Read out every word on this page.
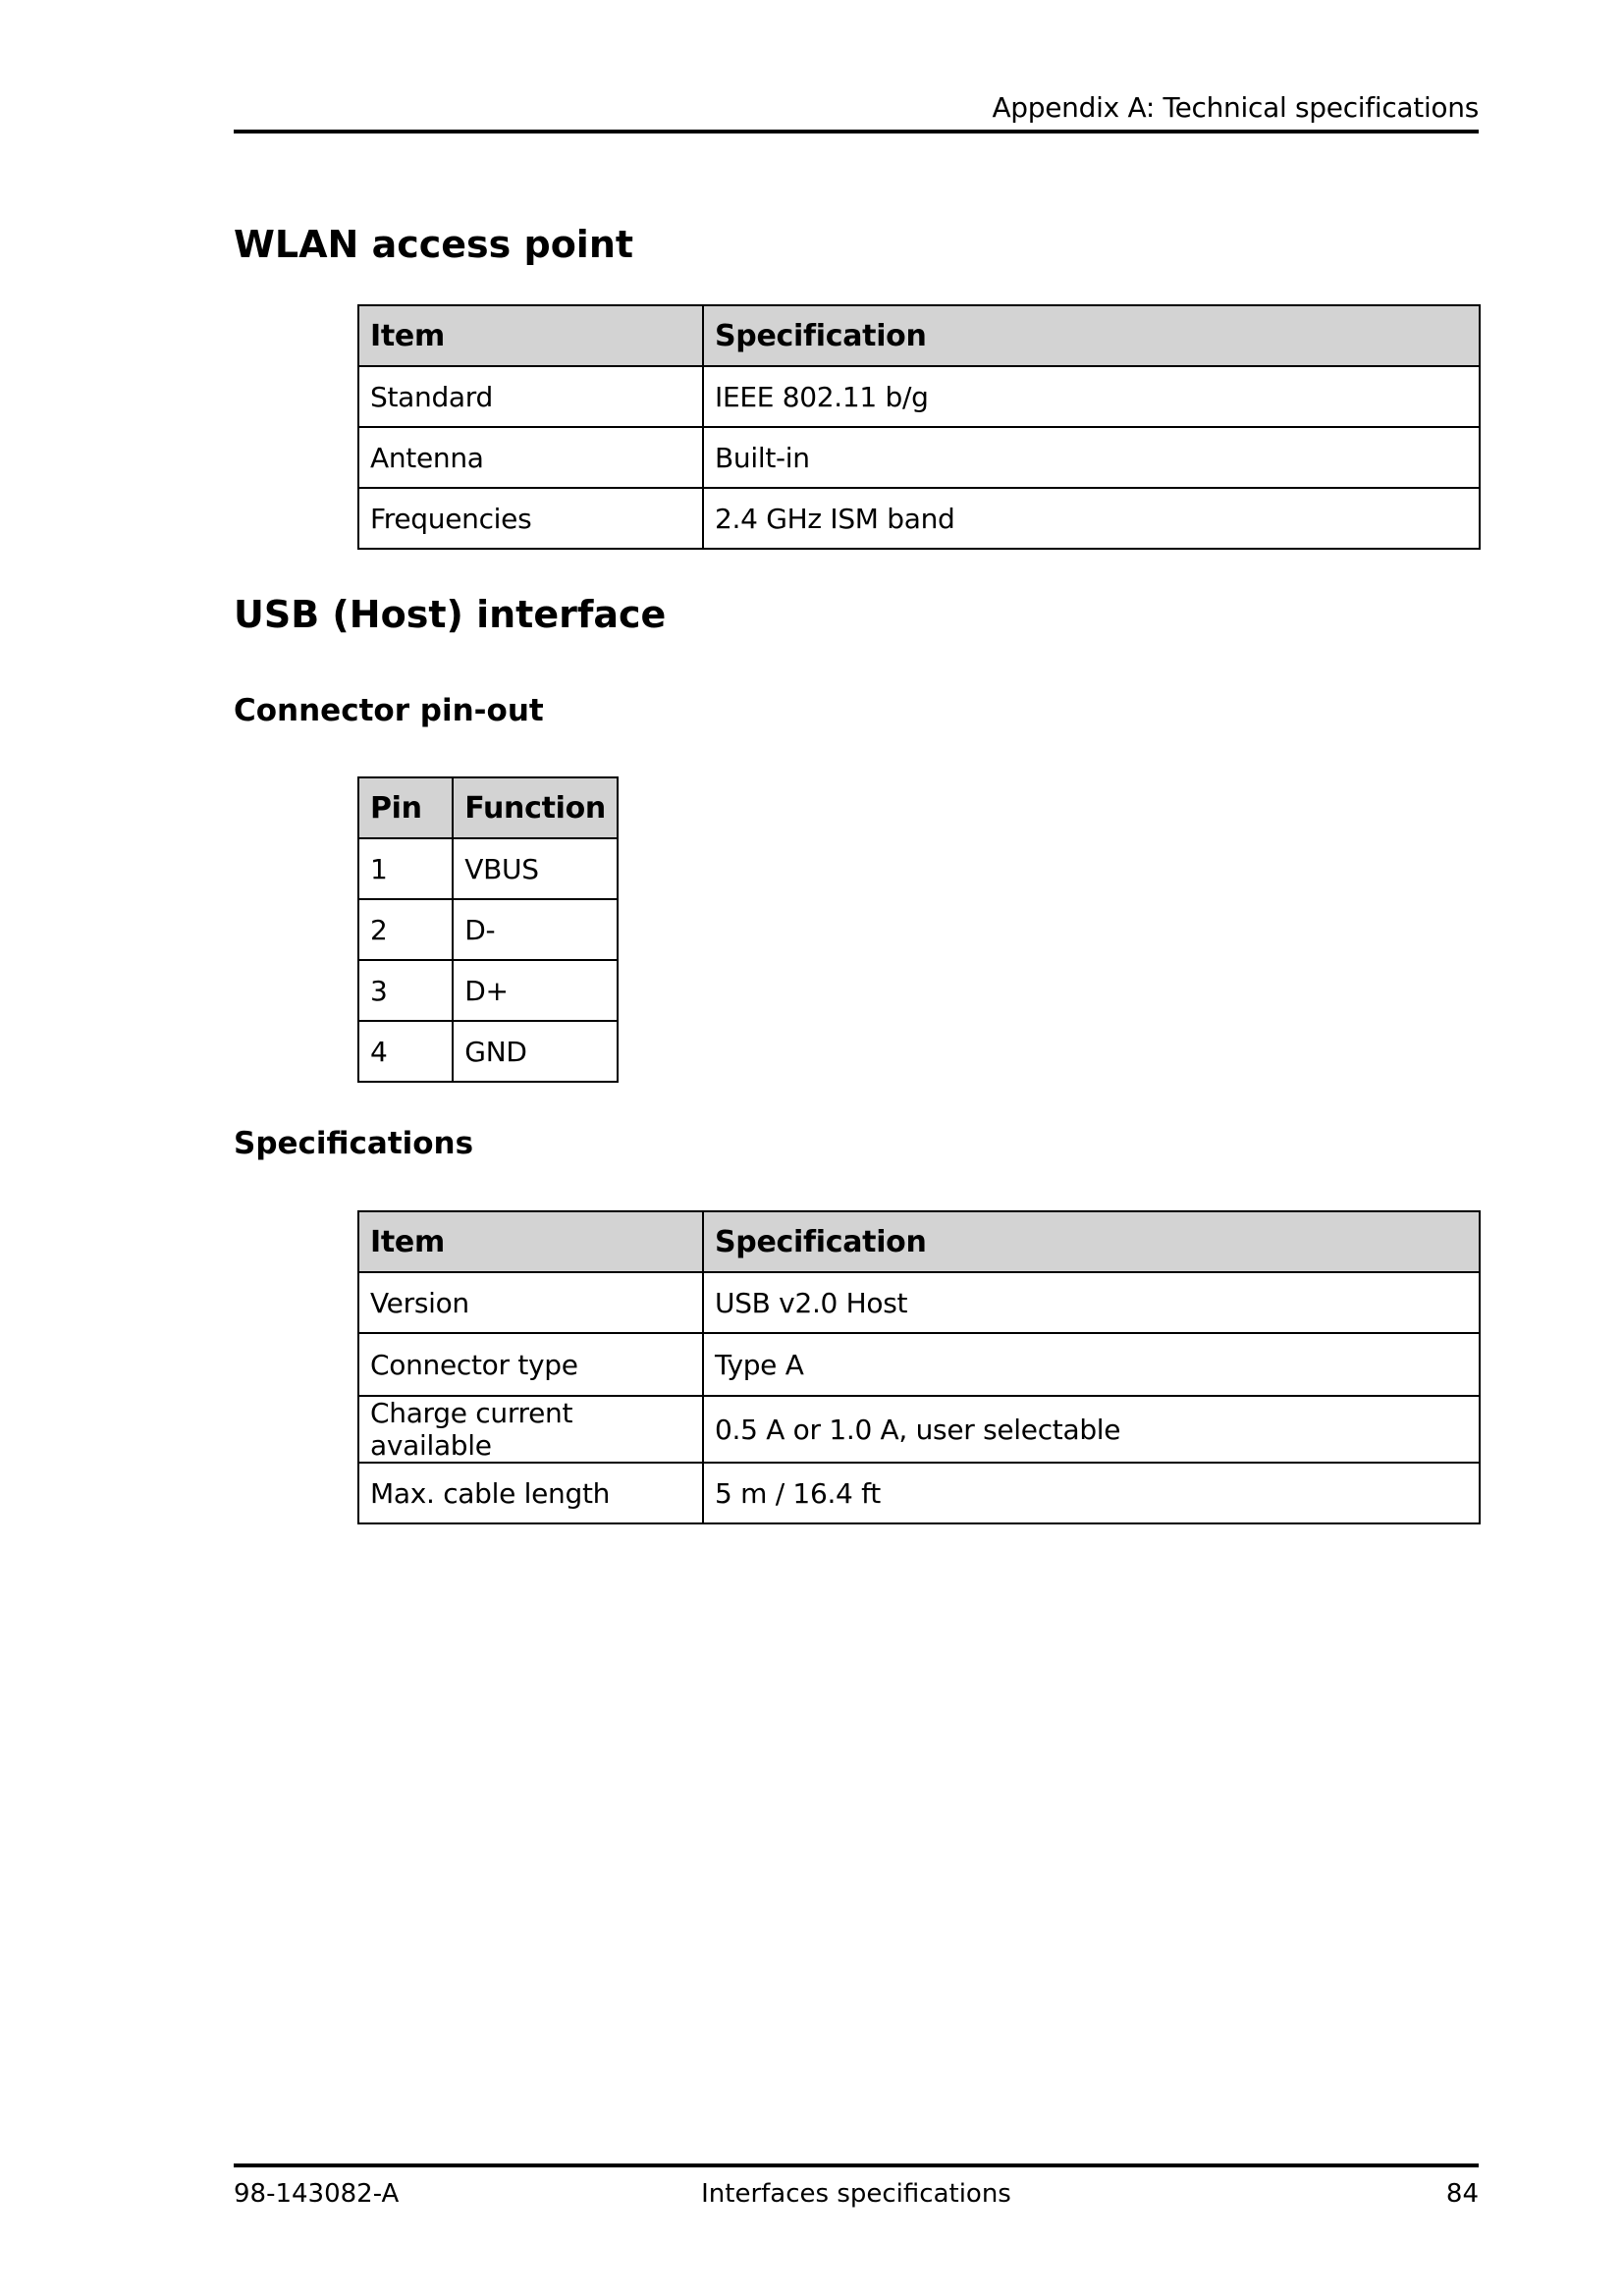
Appendix A: Technical specifications
WLAN access point
Item	Specification
Standard	IEEE 802.11 b/g
Antenna	Built-in
Frequencies	2.4 GHz ISM band
USB (Host) interface
Connector pin-out
Pin	Function
1	VBUS
2	D-
3	D+
4	GND
Specifications
Item	Specification
Version	USB v2.0 Host
Connector type	Type A
Charge current available	0.5 A or 1.0 A, user selectable
Max. cable length	5 m / 16.4 ft
98-143082-A	Interfaces specifications	84
